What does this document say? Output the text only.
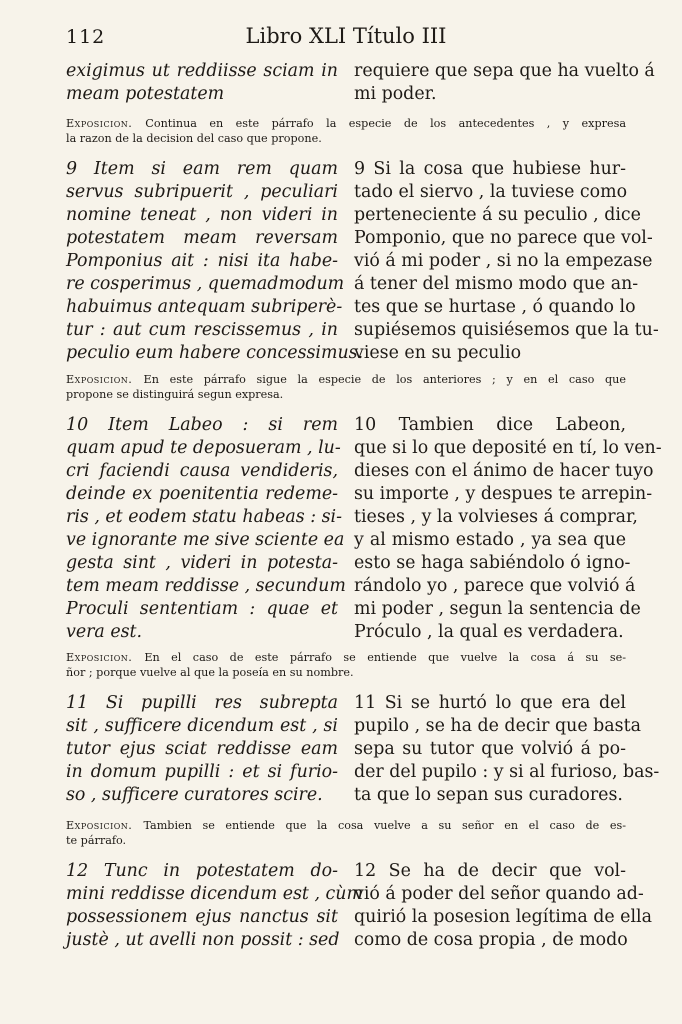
112	Libro XLI Título III
exigimus ut reddiisse sciam in
meam potestatem
requiere que sepa que ha vuelto á
mi poder.
Exposicion. Continua en este párrafo la especie de los antecedentes , y expresa
la razon de la decision del caso que propone.
9 Item si eam rem quam
servus subripuerit , peculiari
nomine teneat , non videri in
potestatem meam reversam
Pomponius ait : nisi ita habe-
re cosperimus , quemadmodum
habuimus antequam subriperè-
tur : aut cum rescissemus , in
peculio eum habere concessimus.
9 Si la cosa que hubiese hur-
tado el siervo , la tuviese como
perteneciente á su peculio , dice
Pomponio, que no parece que vol-
vió á mi poder , si no la empezase
á tener del mismo modo que an-
tes que se hurtase , ó quando lo
supiésemos quisiésemos que la tu-
viese en su peculio
Exposicion. En este párrafo sigue la especie de los anteriores ; y en el caso que
propone se distinguirá segun expresa.
10 Item Labeo : si rem
quam apud te deposueram , lu-
cri faciendi causa vendideris,
deinde ex poenitentia redeme-
ris , et eodem statu habeas : si-
ve ignorante me sive sciente ea
gesta sint , videri in potesta-
tem meam reddisse , secundum
Proculi sententiam : quae et
vera est.
10 Tambien dice Labeon,
que si lo que deposité en tí, lo ven-
dieses con el ánimo de hacer tuyo
su importe , y despues te arrepin-
tieses , y la volvieses á comprar,
y al mismo estado , ya sea que
esto se haga sabiéndolo ó igno-
rándolo yo , parece que volvió á
mi poder , segun la sentencia de
Próculo , la qual es verdadera.
Exposicion. En el caso de este párrafo se entiende que vuelve la cosa á su se-
ñor ; porque vuelve al que la poseía en su nombre.
11 Si pupilli res subrepta
sit , sufficere dicendum est , si
tutor ejus sciat reddisse eam
in domum pupilli : et si furio-
so , sufficere curatores scire.
11 Si se hurtó lo que era del
pupilo , se ha de decir que basta
sepa su tutor que volvió á po-
der del pupilo : y si al furioso, bas-
ta que lo sepan sus curadores.
Exposicion. Tambien se entiende que la cosa vuelve a su señor en el caso de es-
te párrafo.
12 Tunc in potestatem do-
mini reddisse dicendum est , cùm
possessionem ejus nanctus sit
justè , ut avelli non possit : sed
12 Se ha de decir que vol-
vió á poder del señor quando ad-
quirió la posesion legítima de ella
como de cosa propia , de modo
